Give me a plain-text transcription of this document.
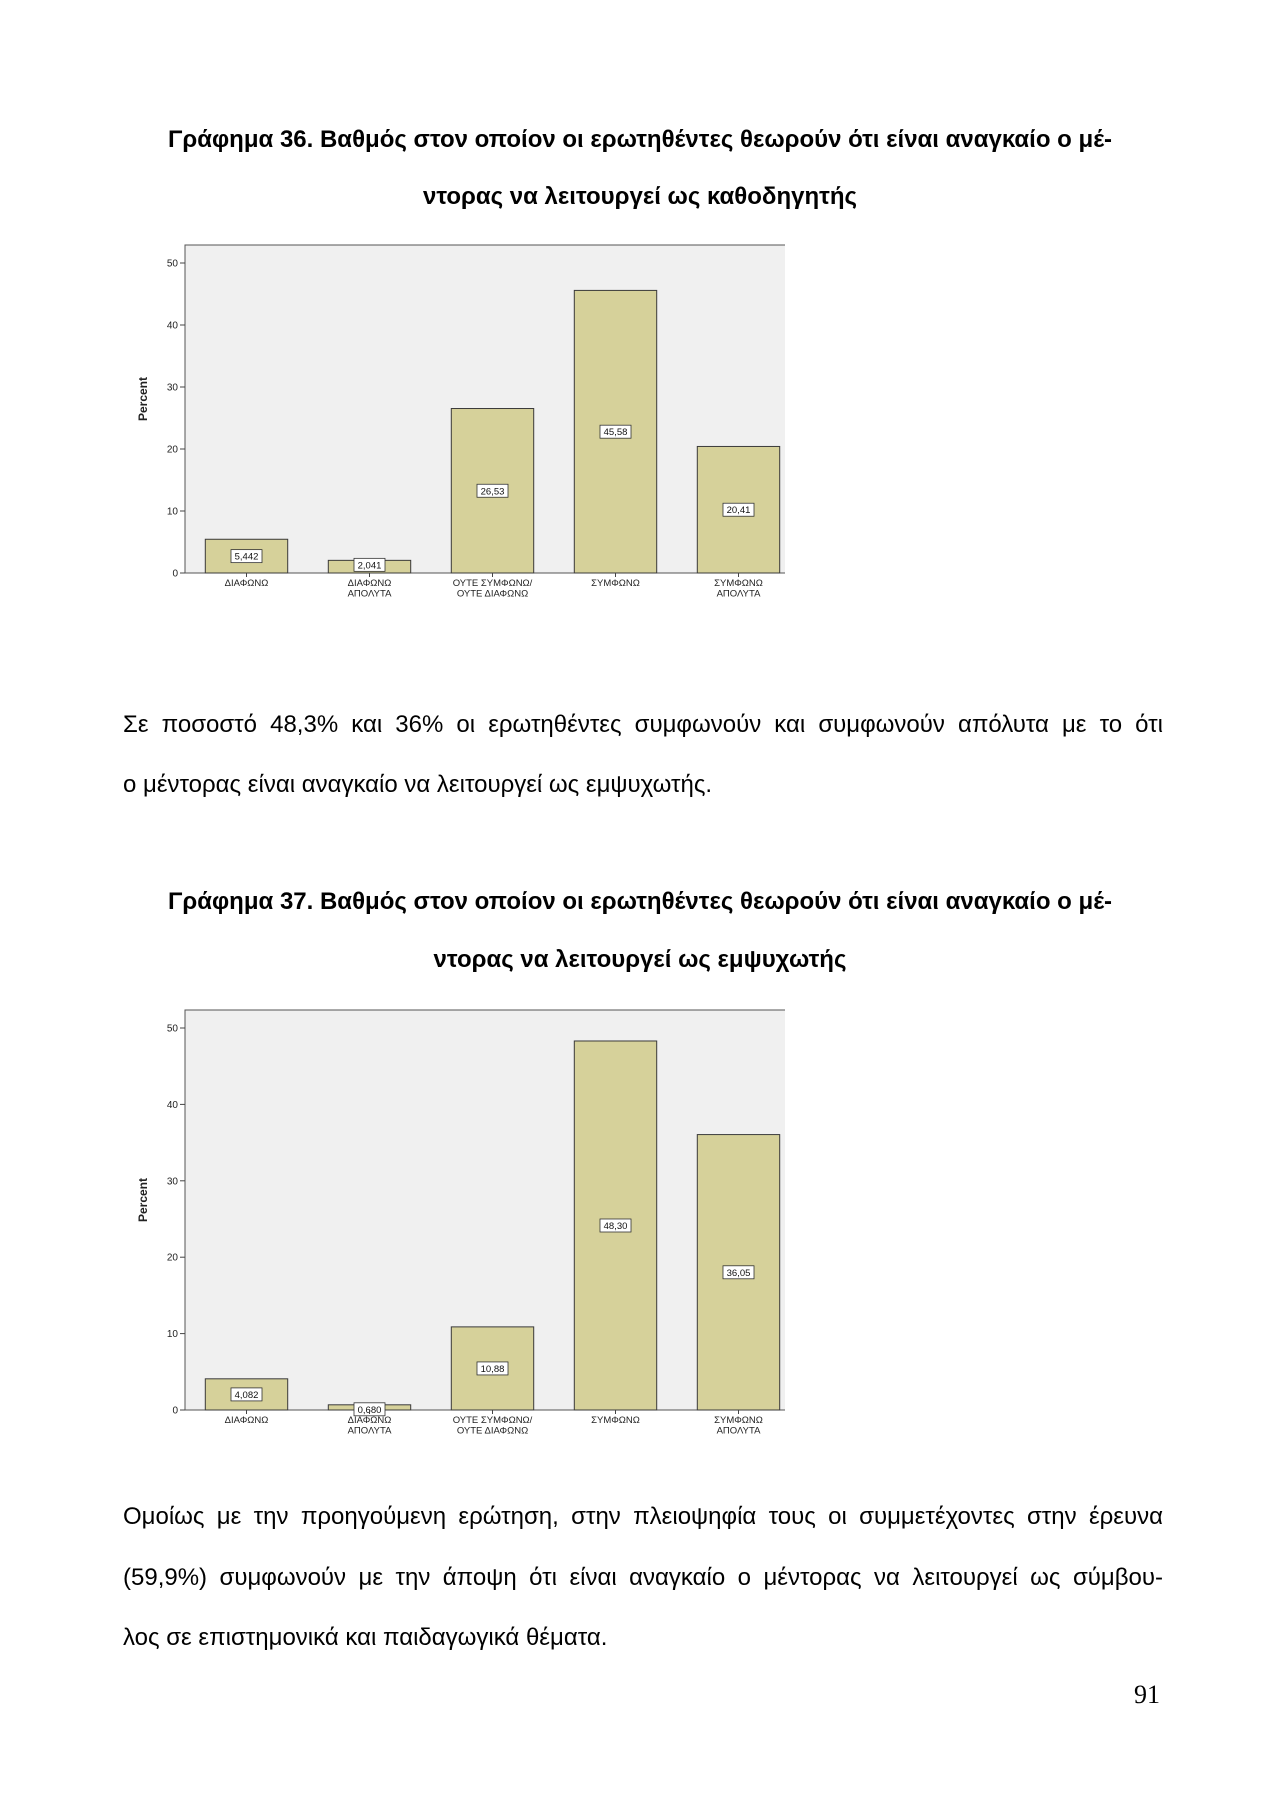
Γράφημα 36. Βαθμός στον οποίον οι ερωτηθέντες θεωρούν ότι είναι αναγκαίο ο μέ-
ντορας να λειτουργεί ως καθοδηγητής
0
10
20
30
40
50
Percent
5,442
ΔΙΑΦΩΝΩ
2,041
ΔΙΑΦΩΝΩ
ΑΠΟΛΥΤΑ
26,53
ΟΥΤΕ ΣΥΜΦΩΝΩ/
ΟΥΤΕ ΔΙΑΦΩΝΩ
45,58
ΣΥΜΦΩΝΩ
20,41
ΣΥΜΦΩΝΩ
ΑΠΟΛΥΤΑ
Σε ποσοστό 48,3% και 36% οι ερωτηθέντες συμφωνούν και συμφωνούν απόλυτα με το ότι
ο μέντορας είναι αναγκαίο να λειτουργεί ως εμψυχωτής.
Γράφημα 37. Βαθμός στον οποίον οι ερωτηθέντες θεωρούν ότι είναι αναγκαίο ο μέ-
ντορας να λειτουργεί ως εμψυχωτής
0
10
20
30
40
50
Percent
4,082
ΔΙΑΦΩΝΩ
0,680
ΔΙΑΦΩΝΩ
ΑΠΟΛΥΤΑ
10,88
ΟΥΤΕ ΣΥΜΦΩΝΩ/
ΟΥΤΕ ΔΙΑΦΩΝΩ
48,30
ΣΥΜΦΩΝΩ
36,05
ΣΥΜΦΩΝΩ
ΑΠΟΛΥΤΑ
Ομοίως με την προηγούμενη ερώτηση, στην πλειοψηφία τους οι συμμετέχοντες στην έρευνα
(59,9%) συμφωνούν με την άποψη ότι είναι αναγκαίο ο μέντορας να λειτουργεί ως σύμβου-
λος σε επιστημονικά και παιδαγωγικά θέματα.
91
